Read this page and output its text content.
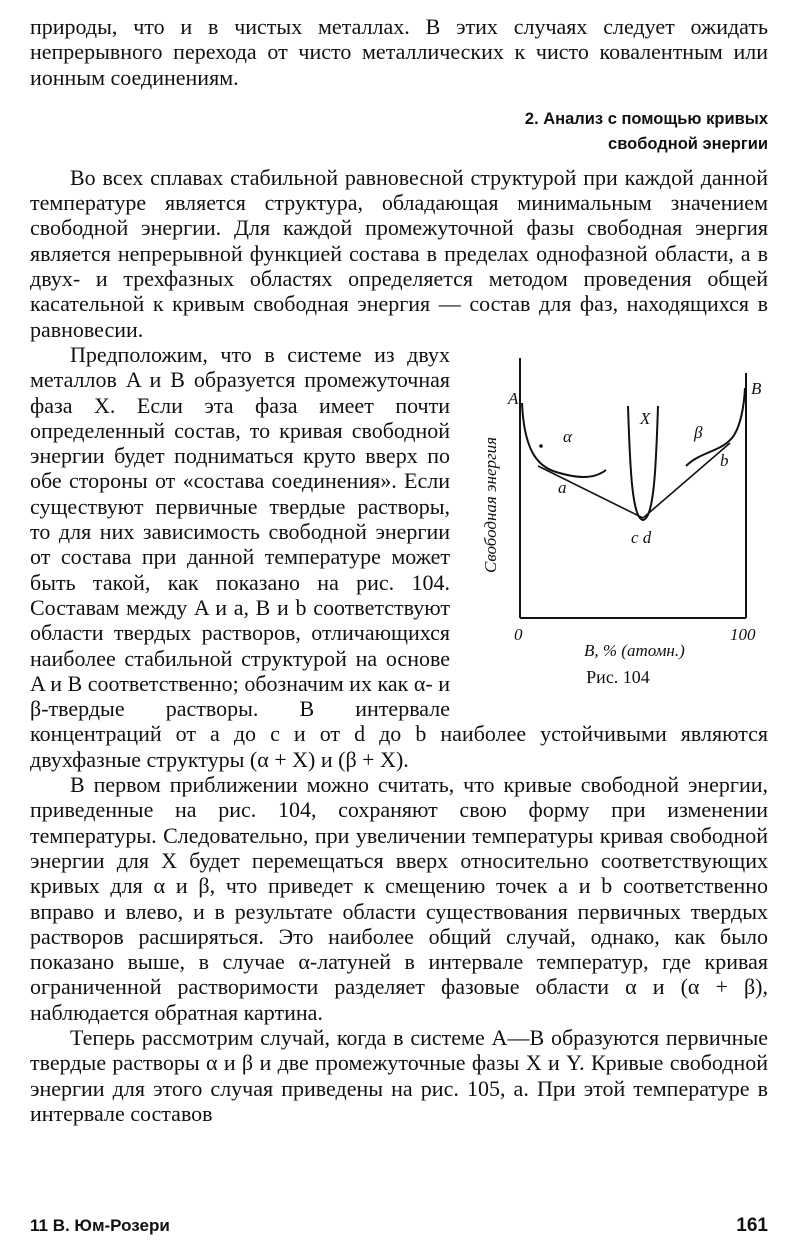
природы, что и в чистых металлах. В этих случаях следует ожидать непрерывного перехода от чисто металлических к чисто ковалентным или ионным соединениям.

2. Анализ с помощью кривых
свободной энергии

Во всех сплавах стабильной равновесной структурой при каждой данной температуре является структура, обладающая минимальным значением свободной энергии. Для каждой промежуточной фазы свободная энергия является непрерывной функцией состава в пределах однофазной области, а в двух- и трехфазных областях определяется методом проведения общей касательной к кривым свободная энергия — состав для фаз, находящихся в равновесии.

A
B
α	β
X
a
b
c d
Свободная энергия
0	100
B, % (атомн.)
Рис. 104

Предположим, что в системе из двух металлов A и B образуется промежуточная фаза X. Если эта фаза имеет почти определенный состав, то кривая свободной энергии будет подниматься круто вверх по обе стороны от «состава соединения». Если существуют первичные твердые растворы, то для них зависимость свободной энергии от состава при данной температуре может быть такой, как показано на рис. 104. Составам между A и a, B и b соответствуют области твердых растворов, отличающихся наиболее стабильной структурой на основе A и B соответственно; обозначим их как α- и β-твердые растворы. В интервале концентраций от a до c и от d до b наиболее устойчивыми являются двухфазные структуры (α + X) и (β + X).

В первом приближении можно считать, что кривые свободной энергии, приведенные на рис. 104, сохраняют свою форму при изменении температуры. Следовательно, при увеличении температуры кривая свободной энергии для X будет перемещаться вверх относительно соответствующих кривых для α и β, что приведет к смещению точек a и b соответственно вправо и влево, и в результате области существования первичных твердых растворов расширяться. Это наиболее общий случай, однако, как было показано выше, в случае α-латуней в интервале температур, где кривая ограниченной растворимости разделяет фазовые области α и (α + β), наблюдается обратная картина.

Теперь рассмотрим случай, когда в системе A—B образуются первичные твердые растворы α и β и две промежуточные фазы X и Y. Кривые свободной энергии для этого случая приведены на рис. 105, a. При этой температуре в интервале составов

11 В. Юм-Розери	161
